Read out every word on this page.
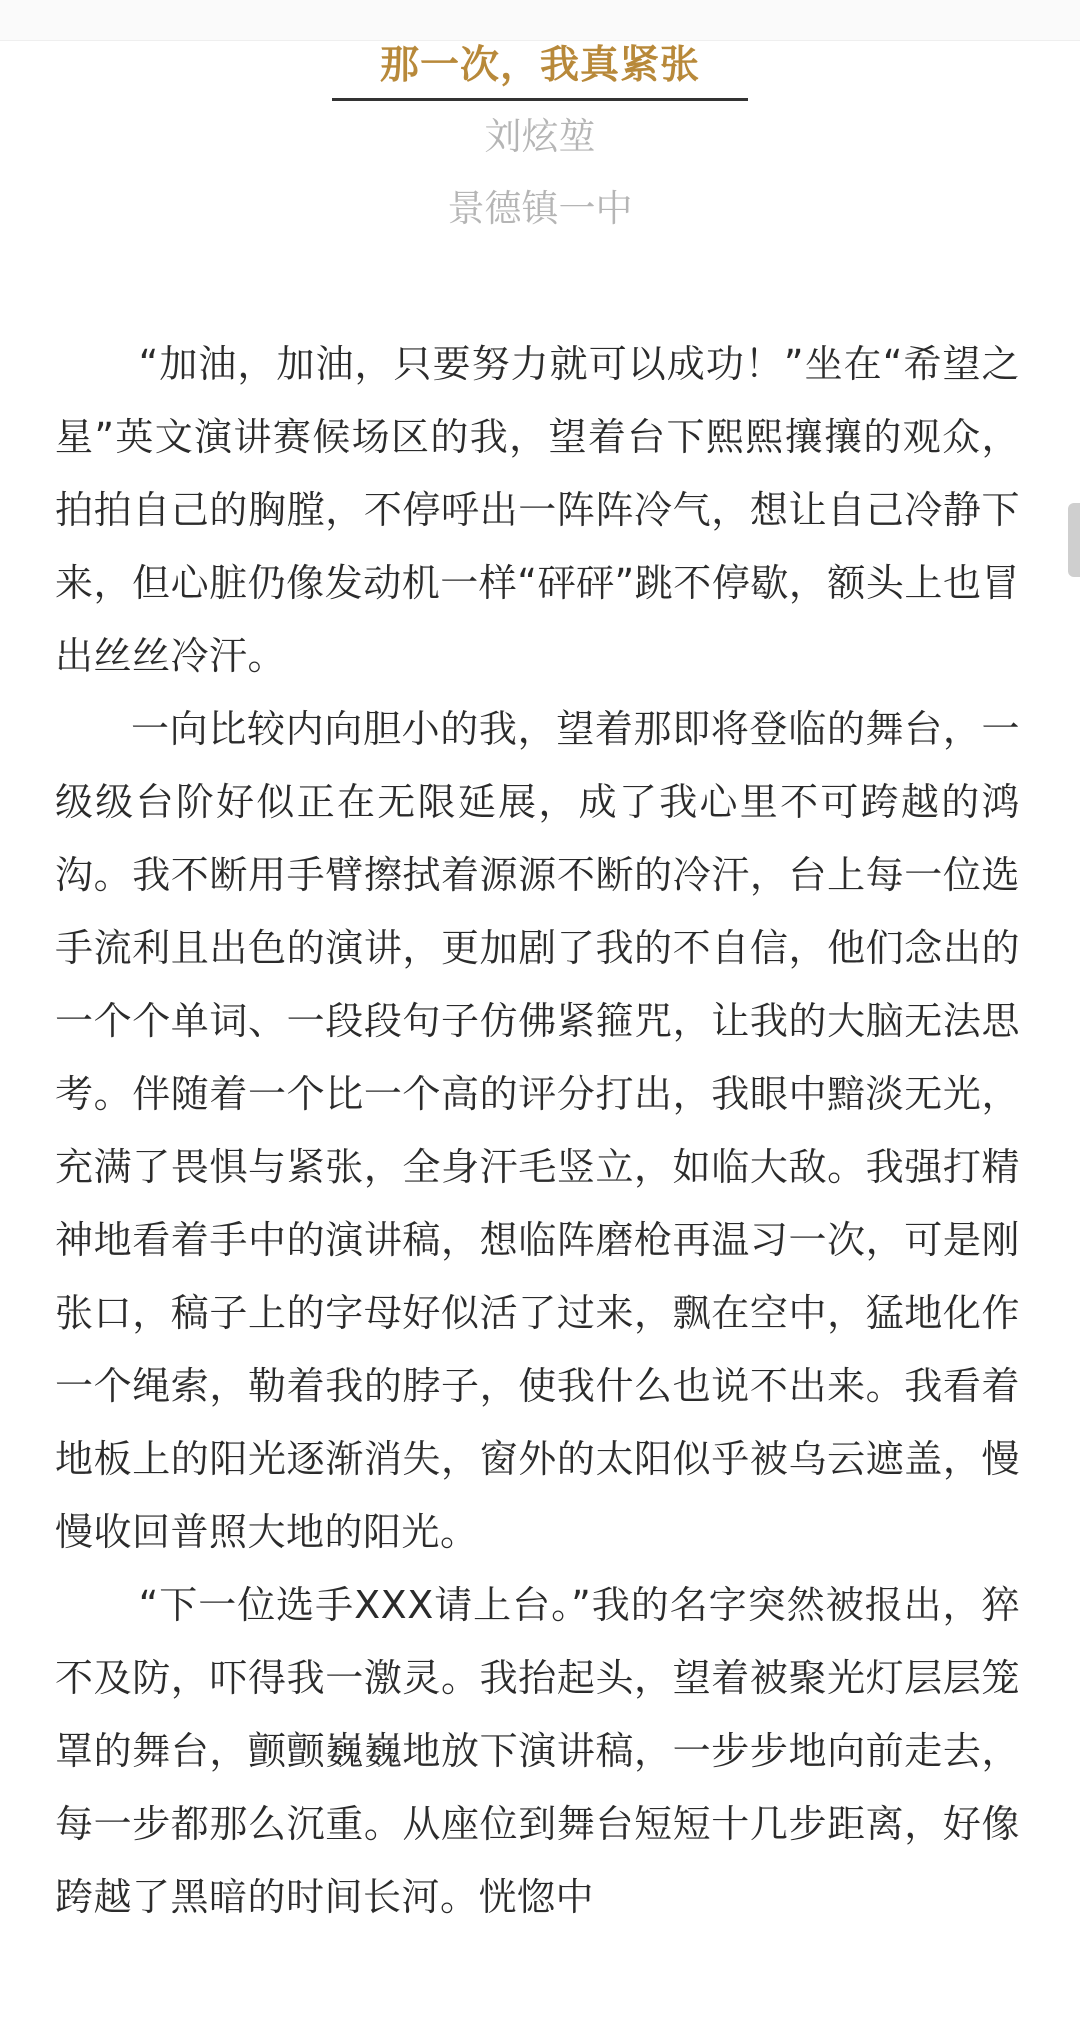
那一次，我真紧张
刘炫堃
景德镇一中

“加油，加油，只要努力就可以成功！”坐在“希望之星”英文演讲赛候场区的我，望着台下熙熙攘攘的观众，拍拍自己的胸膛，不停呼出一阵阵冷气，想让自己冷静下来，但心脏仍像发动机一样“砰砰”跳不停歇，额头上也冒出丝丝冷汗。

一向比较内向胆小的我，望着那即将登临的舞台，一级级台阶好似正在无限延展，成了我心里不可跨越的鸿沟。我不断用手臂擦拭着源源不断的冷汗，台上每一位选手流利且出色的演讲，更加剧了我的不自信，他们念出的一个个单词、一段段句子仿佛紧箍咒，让我的大脑无法思考。伴随着一个比一个高的评分打出，我眼中黯淡无光，充满了畏惧与紧张，全身汗毛竖立，如临大敌。我强打精神地看着手中的演讲稿，想临阵磨枪再温习一次，可是刚张口，稿子上的字母好似活了过来，飘在空中，猛地化作一个绳索，勒着我的脖子，使我什么也说不出来。我看着地板上的阳光逐渐消失，窗外的太阳似乎被乌云遮盖，慢慢收回普照大地的阳光。

“下一位选手XXX请上台。”我的名字突然被报出，猝不及防，吓得我一激灵。我抬起头，望着被聚光灯层层笼罩的舞台，颤颤巍巍地放下演讲稿，一步步地向前走去，每一步都那么沉重。从座位到舞台短短十几步距离，好像跨越了黑暗的时间长河。恍惚中
